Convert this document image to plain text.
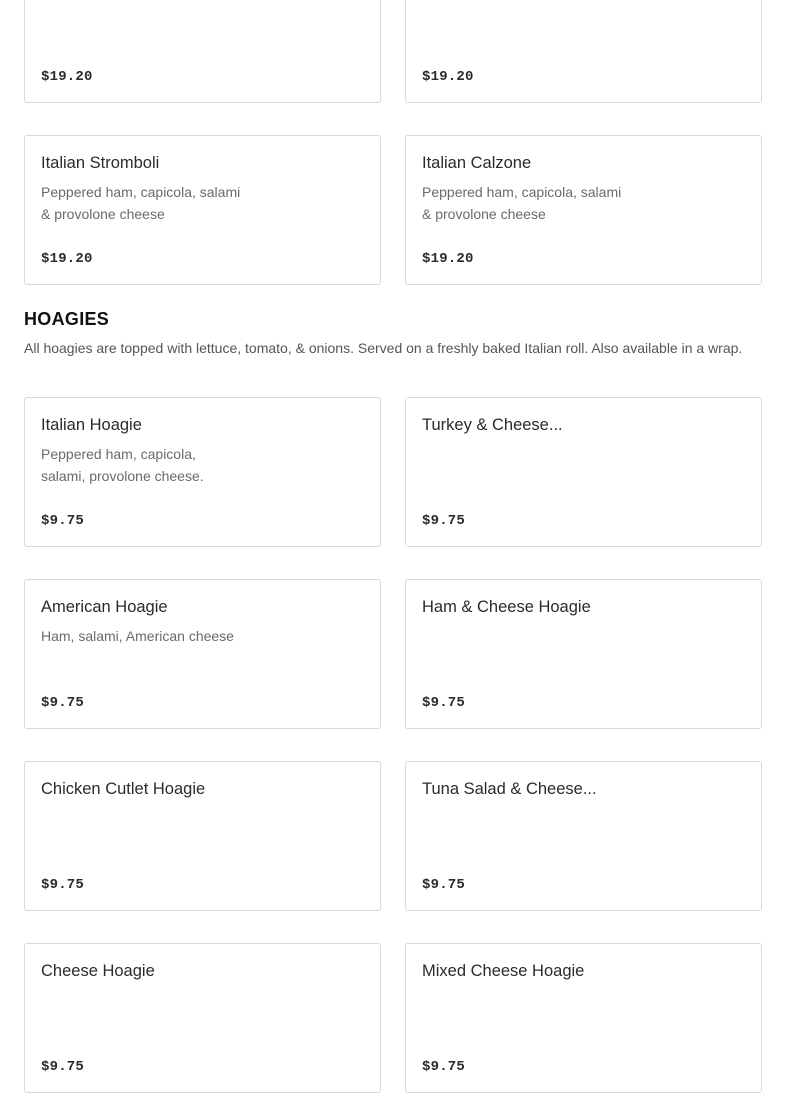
$19.20	$19.20
Italian Stromboli
Peppered ham, capicola, salami & provolone cheese
$19.20
Italian Calzone
Peppered ham, capicola, salami & provolone cheese
$19.20
HOAGIES
All hoagies are topped with lettuce, tomato, & onions. Served on a freshly baked Italian roll. Also available in a wrap.
Italian Hoagie
Peppered ham, capicola, salami, provolone cheese.
$9.75
Turkey & Cheese...
$9.75
American Hoagie
Ham, salami, American cheese
$9.75
Ham & Cheese Hoagie
$9.75
Chicken Cutlet Hoagie
$9.75
Tuna Salad & Cheese...
$9.75
Cheese Hoagie
$9.75
Mixed Cheese Hoagie
$9.75
